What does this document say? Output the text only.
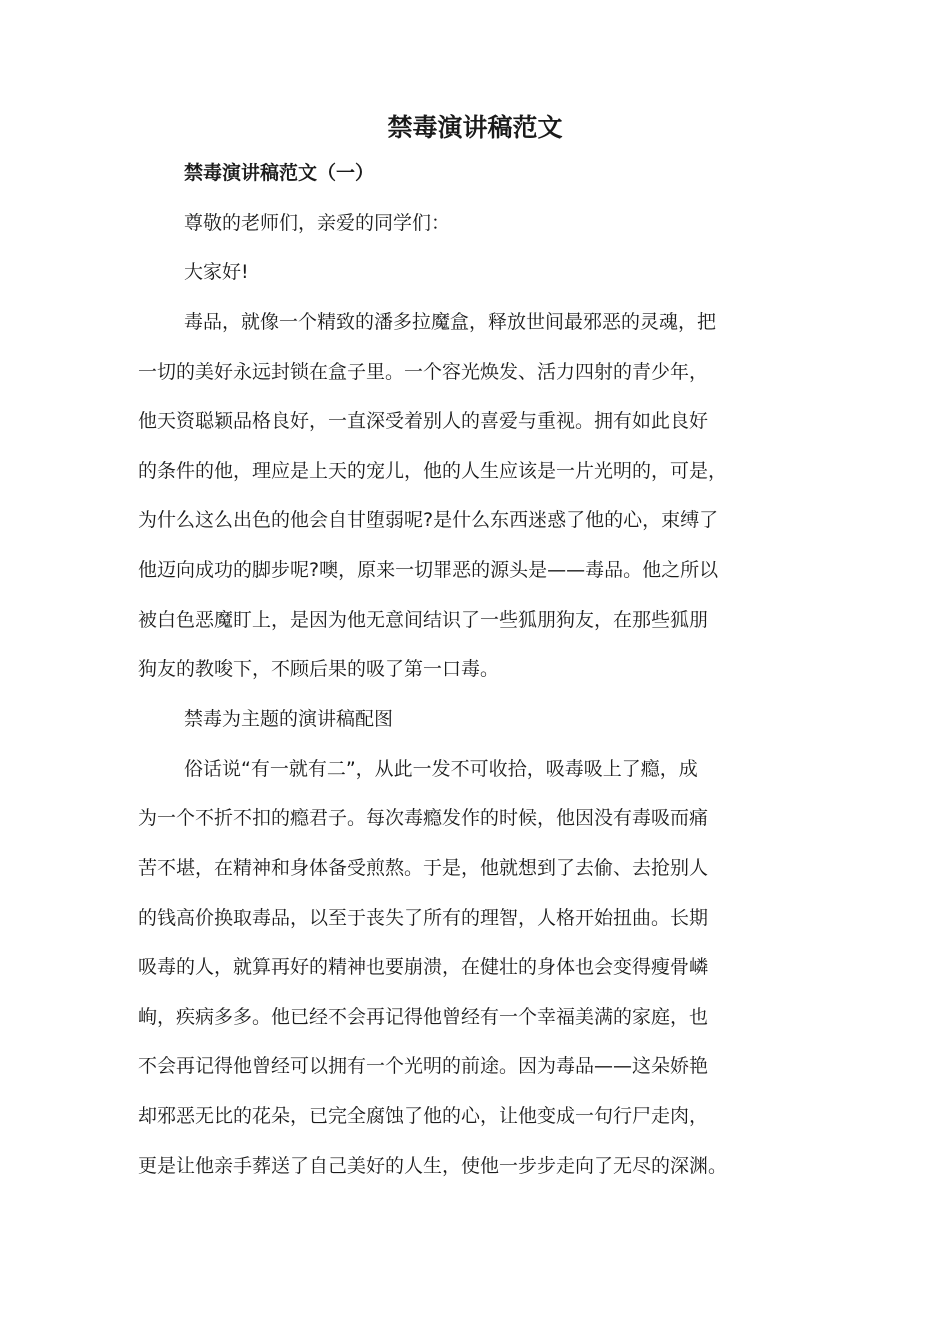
禁毒演讲稿范文
禁毒演讲稿范文（一）
尊敬的老师们，亲爱的同学们：
大家好!
毒品，就像一个精致的潘多拉魔盒，释放世间最邪恶的灵魂，把
一切的美好永远封锁在盒子里。一个容光焕发、活力四射的青少年，
他天资聪颖品格良好，一直深受着别人的喜爱与重视。拥有如此良好
的条件的他，理应是上天的宠儿，他的人生应该是一片光明的，可是，
为什么这么出色的他会自甘堕弱呢?是什么东西迷惑了他的心，束缚了
他迈向成功的脚步呢?噢，原来一切罪恶的源头是——毒品。他之所以
被白色恶魔盯上，是因为他无意间结识了一些狐朋狗友，在那些狐朋
狗友的教唆下，不顾后果的吸了第一口毒。
禁毒为主题的演讲稿配图
俗话说“有一就有二”，从此一发不可收拾，吸毒吸上了瘾，成
为一个不折不扣的瘾君子。每次毒瘾发作的时候，他因没有毒吸而痛
苦不堪，在精神和身体备受煎熬。于是，他就想到了去偷、去抢别人
的钱高价换取毒品，以至于丧失了所有的理智，人格开始扭曲。长期
吸毒的人，就算再好的精神也要崩溃，在健壮的身体也会变得瘦骨嶙
峋，疾病多多。他已经不会再记得他曾经有一个幸福美满的家庭，也
不会再记得他曾经可以拥有一个光明的前途。因为毒品——这朵娇艳
却邪恶无比的花朵，已完全腐蚀了他的心，让他变成一句行尸走肉，
更是让他亲手葬送了自己美好的人生，使他一步步走向了无尽的深渊。
